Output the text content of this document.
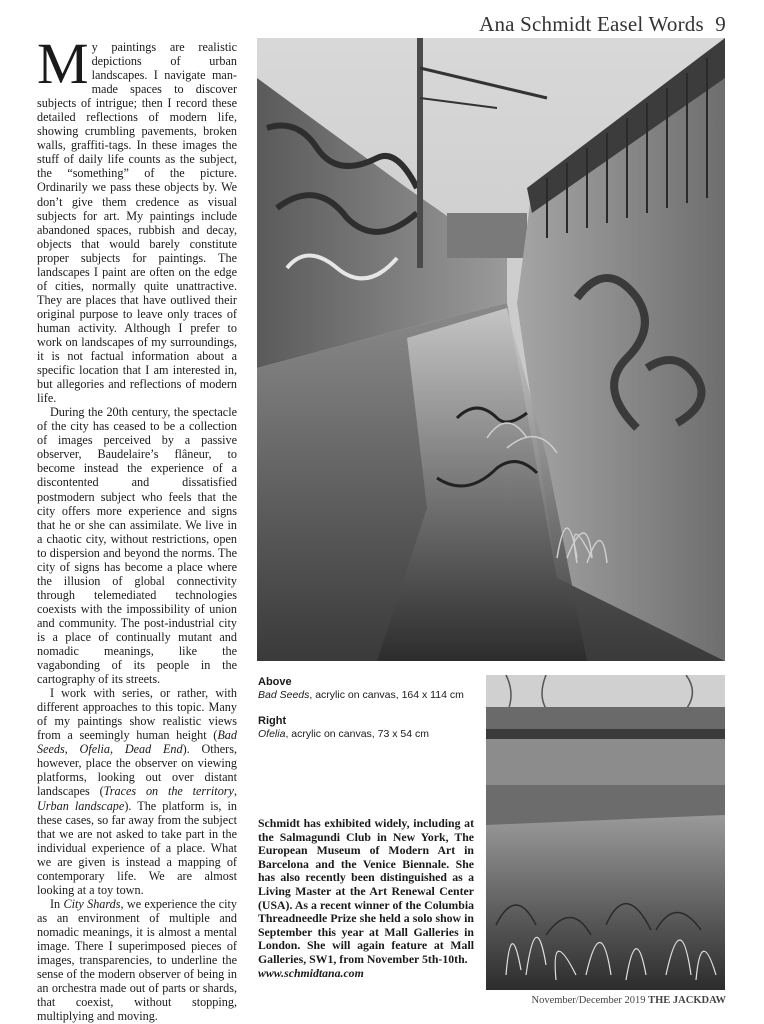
Ana Schmidt Easel Words 9

My paintings are realistic depictions of urban landscapes. I navigate man-made spaces to discover subjects of intrigue; then I record these detailed reflections of modern life, showing crumbling pavements, broken walls, graffiti-tags. In these images the stuff of daily life counts as the subject, the “something” of the picture. Ordinarily we pass these objects by. We don’t give them credence as visual subjects for art. My paintings include abandoned spaces, rubbish and decay, objects that would barely constitute proper subjects for paintings. The landscapes I paint are often on the edge of cities, normally quite unattractive. They are places that have outlived their original purpose to leave only traces of human activity. Although I prefer to work on landscapes of my surroundings, it is not factual information about a specific location that I am interested in, but allegories and reflections of modern life.

During the 20th century, the spectacle of the city has ceased to be a collection of images perceived by a passive observer, Baudelaire’s flâneur, to become instead the experience of a discontented and dissatisfied postmodern subject who feels that the city offers more experience and signs that he or she can assimilate. We live in a chaotic city, without restrictions, open to dispersion and beyond the norms. The city of signs has become a place where the illusion of global connectivity through telemediated technologies coexists with the impossibility of union and community. The post-industrial city is a place of continually mutant and nomadic meanings, like the vagabonding of its people in the cartography of its streets.

I work with series, or rather, with different approaches to this topic. Many of my paintings show realistic views from a seemingly human height (Bad Seeds, Ofelia, Dead End). Others, however, place the observer on viewing platforms, looking out over distant landscapes (Traces on the territory, Urban landscape). The platform is, in these cases, so far away from the subject that we are not asked to take part in the individual experience of a place. What we are given is instead a mapping of contemporary life. We are almost looking at a toy town.

In City Shards, we experience the city as an environment of multiple and nomadic meanings, it is almost a mental image. There I superimposed pieces of images, transparencies, to underline the sense of the modern observer of being in an orchestra made out of parts or shards, that coexist, without stopping, multiplying and moving.

Above
Bad Seeds, acrylic on canvas, 164 x 114 cm
Right
Ofelia, acrylic on canvas, 73 x 54 cm
Schmidt has exhibited widely, including at the Salmagundi Club in New York, The European Museum of Modern Art in Barcelona and the Venice Biennale. She has also recently been distinguished as a Living Master at the Art Renewal Center (USA). As a recent winner of the Columbia Threadneedle Prize she held a solo show in September this year at Mall Galleries in London. She will again feature at Mall Galleries, SW1, from November 5th-10th.
www.schmidtana.com
November/December 2019 THE JACKDAW
